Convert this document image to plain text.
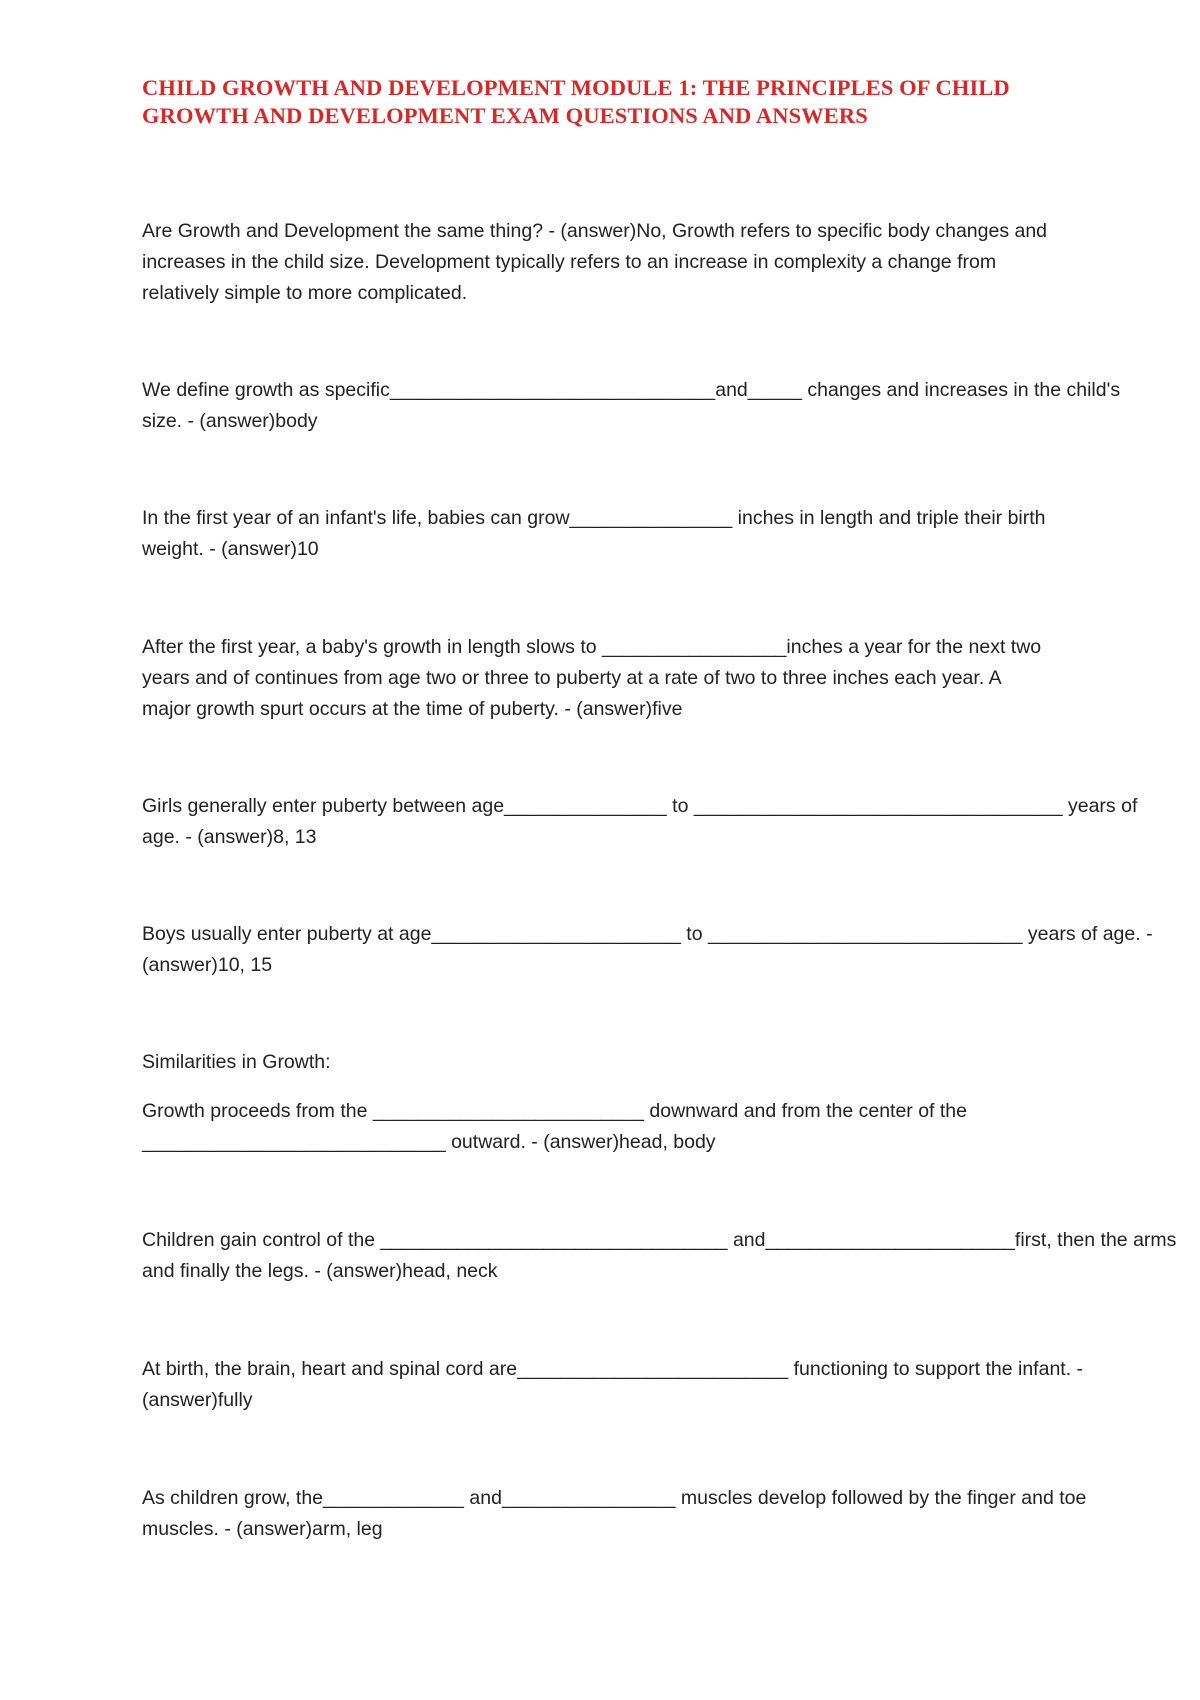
CHILD GROWTH AND DEVELOPMENT MODULE 1: THE PRINCIPLES OF CHILD
GROWTH AND DEVELOPMENT EXAM QUESTIONS AND ANSWERS
Are Growth and Development the same thing? - (answer)No, Growth refers to specific body changes and
increases in the child size. Development typically refers to an increase in complexity a change from
relatively simple to more complicated.
We define growth as specific______________________________and_____ changes and increases in the child's
size. - (answer)body
In the first year of an infant's life, babies can grow_______________ inches in length and triple their birth
weight. - (answer)10
After the first year, a baby's growth in length slows to _________________inches a year for the next two
years and of continues from age two or three to puberty at a rate of two to three inches each year. A
major growth spurt occurs at the time of puberty. - (answer)five
Girls generally enter puberty between age_______________ to __________________________________ years of
age. - (answer)8, 13
Boys usually enter puberty at age_______________________ to _____________________________ years of age. -
(answer)10, 15
Similarities in Growth:
Growth proceeds from the _________________________ downward and from the center of the
____________________________ outward. - (answer)head, body
Children gain control of the ________________________________ and_______________________first, then the arms
and finally the legs. - (answer)head, neck
At birth, the brain, heart and spinal cord are_________________________ functioning to support the infant. -
(answer)fully
As children grow, the_____________ and________________ muscles develop followed by the finger and toe
muscles. - (answer)arm, leg
